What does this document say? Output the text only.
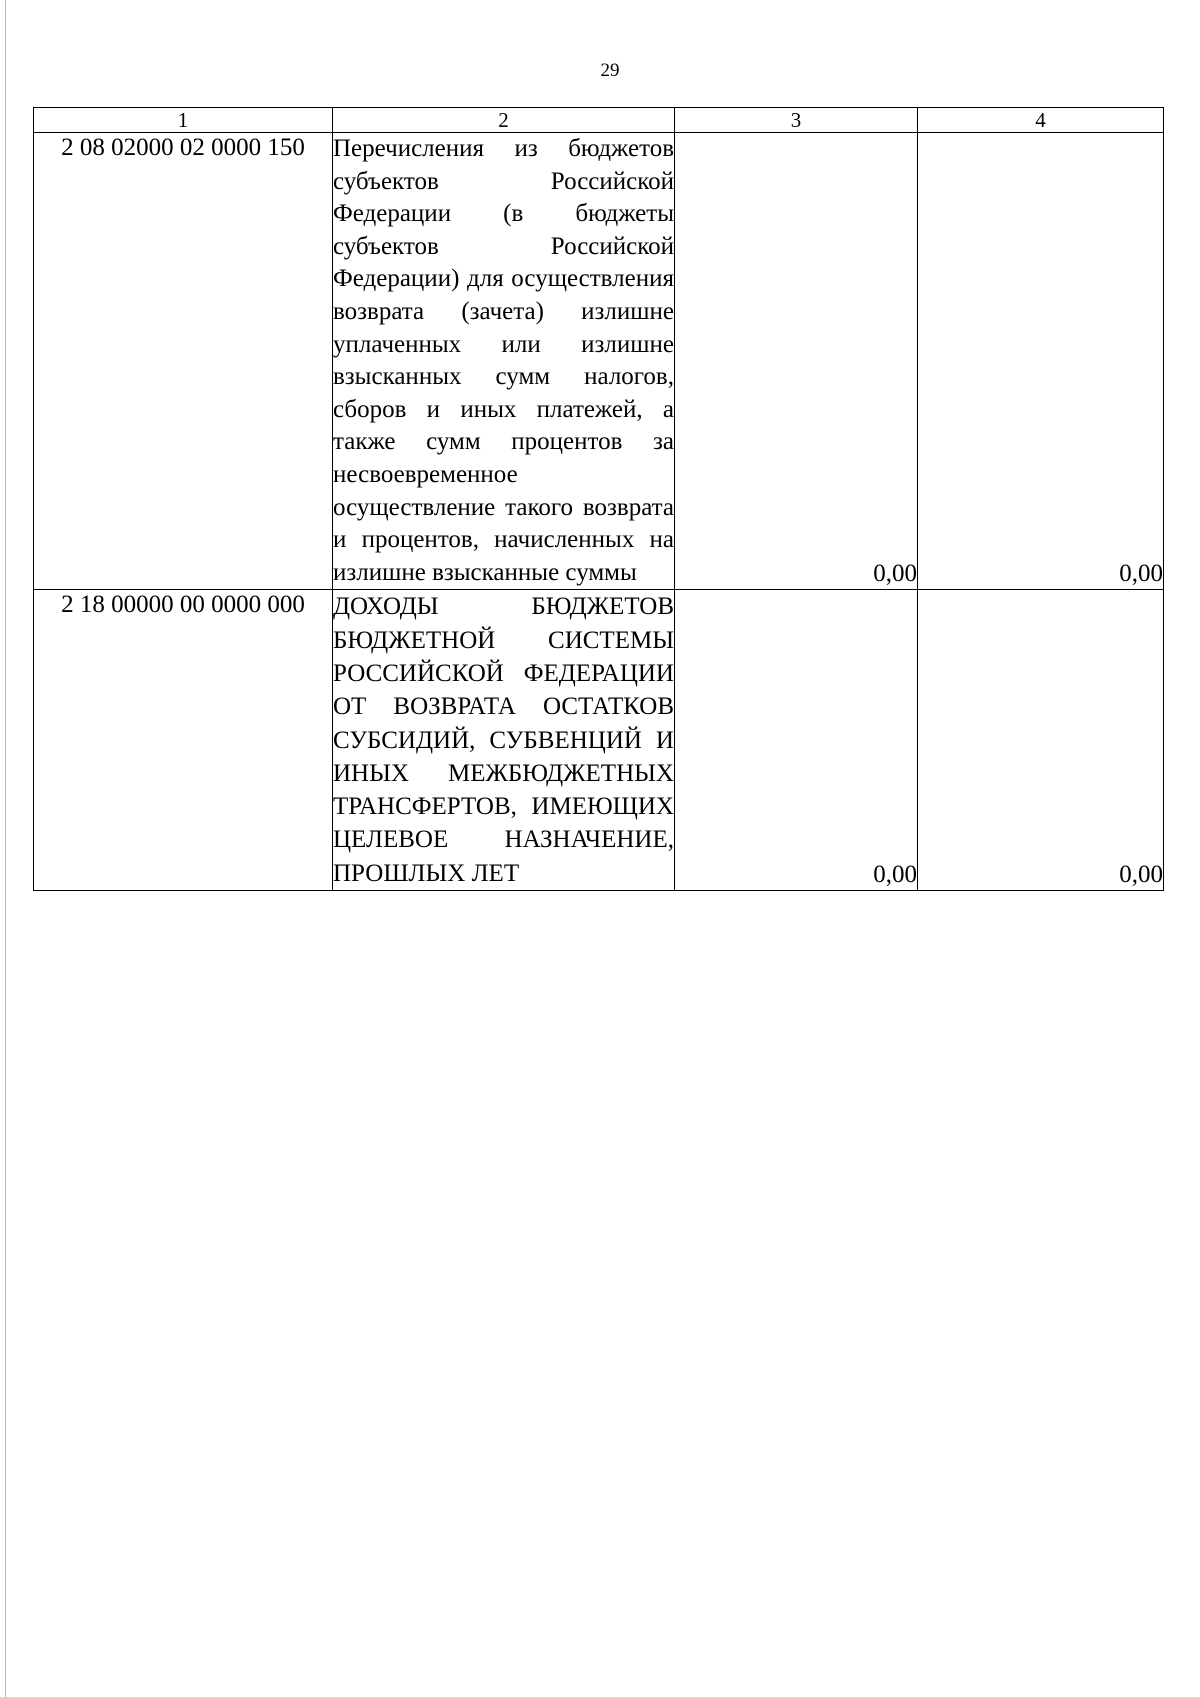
29
1	2	3	4
2 08 02000 02 0000 150	Перечисления из бюджетов субъектов Российской Федерации (в бюджеты субъектов Российской Федерации) для осуществления возврата (зачета) излишне уплаченных или излишне взысканных сумм налогов, сборов и иных платежей, а также сумм процентов за несвоевременное осуществление такого возврата и процентов, начисленных на излишне взысканные суммы	0,00	0,00
2 18 00000 00 0000 000	ДОХОДЫ БЮДЖЕТОВ БЮДЖЕТНОЙ СИСТЕМЫ РОССИЙСКОЙ ФЕДЕРАЦИИ ОТ ВОЗВРАТА ОСТАТКОВ СУБСИДИЙ, СУБВЕНЦИЙ И ИНЫХ МЕЖБЮДЖЕТНЫХ ТРАНСФЕРТОВ, ИМЕЮЩИХ ЦЕЛЕВОЕ НАЗНАЧЕНИЕ, ПРОШЛЫХ ЛЕТ	0,00	0,00
